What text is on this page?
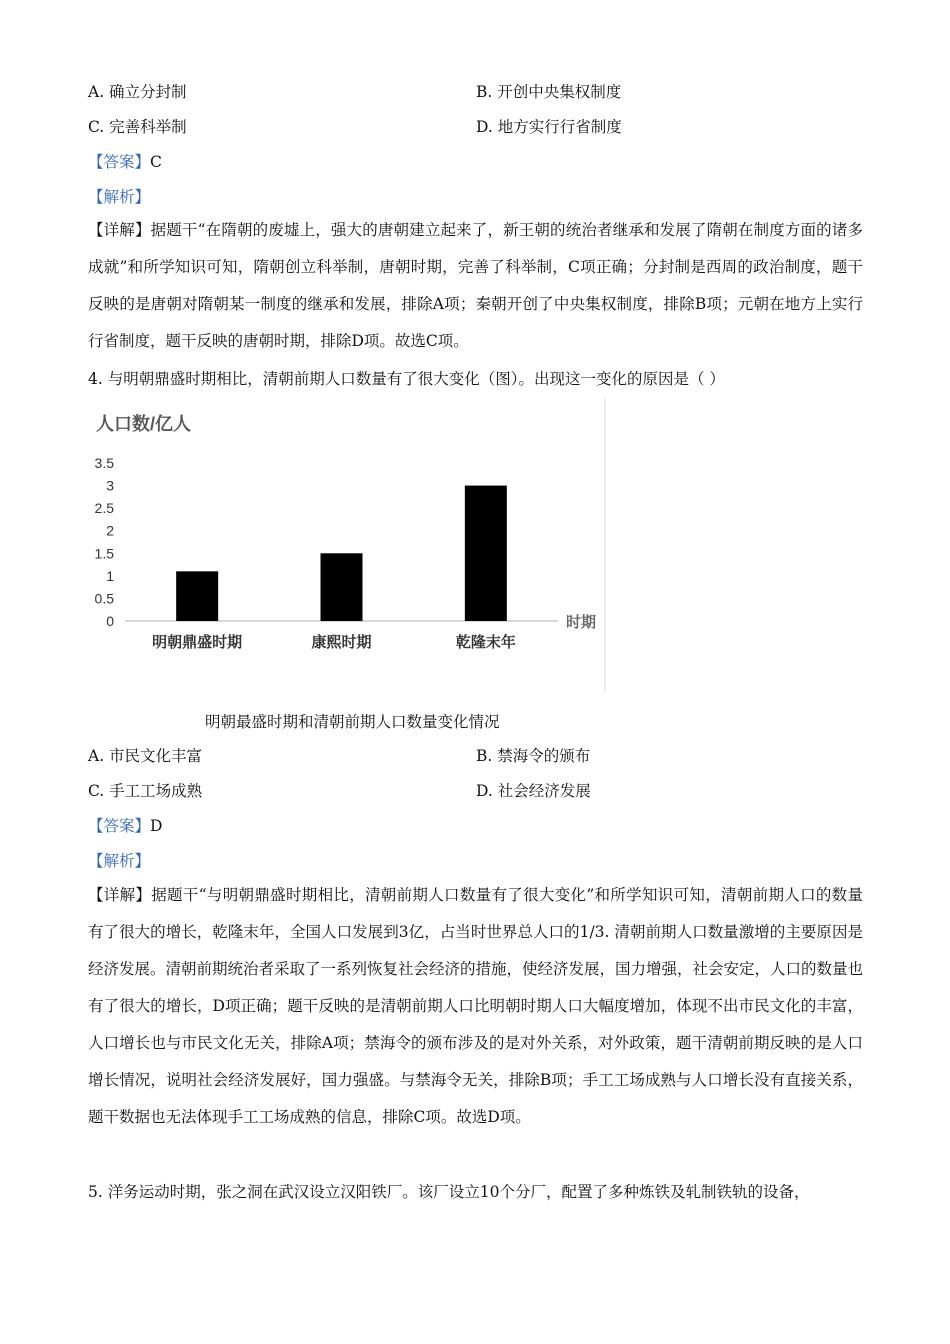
A. 确立分封制	B. 开创中央集权制度
C. 完善科举制	D. 地方实行行省制度
【答案】C
【解析】
【详解】据题干“在隋朝的废墟上，强大的唐朝建立起来了，新王朝的统治者继承和发展了隋朝在制度方面的诸多成就”和所学知识可知，隋朝创立科举制，唐朝时期，完善了科举制，C项正确；分封制是西周的政治制度，题干反映的是唐朝对隋朝某一制度的继承和发展，排除A项；秦朝开创了中央集权制度，排除B项；元朝在地方上实行行省制度，题干反映的唐朝时期，排除D项。故选C项。
4. 与明朝鼎盛时期相比，清朝前期人口数量有了很大变化（图）。出现这一变化的原因是（ ）
人口数/亿人
0
0.5
1
1.5
2
2.5
3
3.5
明朝鼎盛时期	康熙时期	乾隆末年
时期
明朝最盛时期和清朝前期人口数量变化情况
A. 市民文化丰富	B. 禁海令的颁布
C. 手工工场成熟	D. 社会经济发展
【答案】D
【解析】
【详解】据题干“与明朝鼎盛时期相比，清朝前期人口数量有了很大变化”和所学知识可知，清朝前期人口的数量有了很大的增长，乾隆末年，全国人口发展到3亿，占当时世界总人口的1/3. 清朝前期人口数量激增的主要原因是经济发展。清朝前期统治者采取了一系列恢复社会经济的措施，使经济发展，国力增强，社会安定，人口的数量也有了很大的增长，D项正确；题干反映的是清朝前期人口比明朝时期人口大幅度增加，体现不出市民文化的丰富，人口增长也与市民文化无关，排除A项；禁海令的颁布涉及的是对外关系，对外政策，题干清朝前期反映的是人口增长情况，说明社会经济发展好，国力强盛。与禁海令无关，排除B项；手工工场成熟与人口增长没有直接关系，题干数据也无法体现手工工场成熟的信息，排除C项。故选D项。
5. 洋务运动时期，张之洞在武汉设立汉阳铁厂。该厂设立10个分厂，配置了多种炼铁及轧制铁轨的设备，
